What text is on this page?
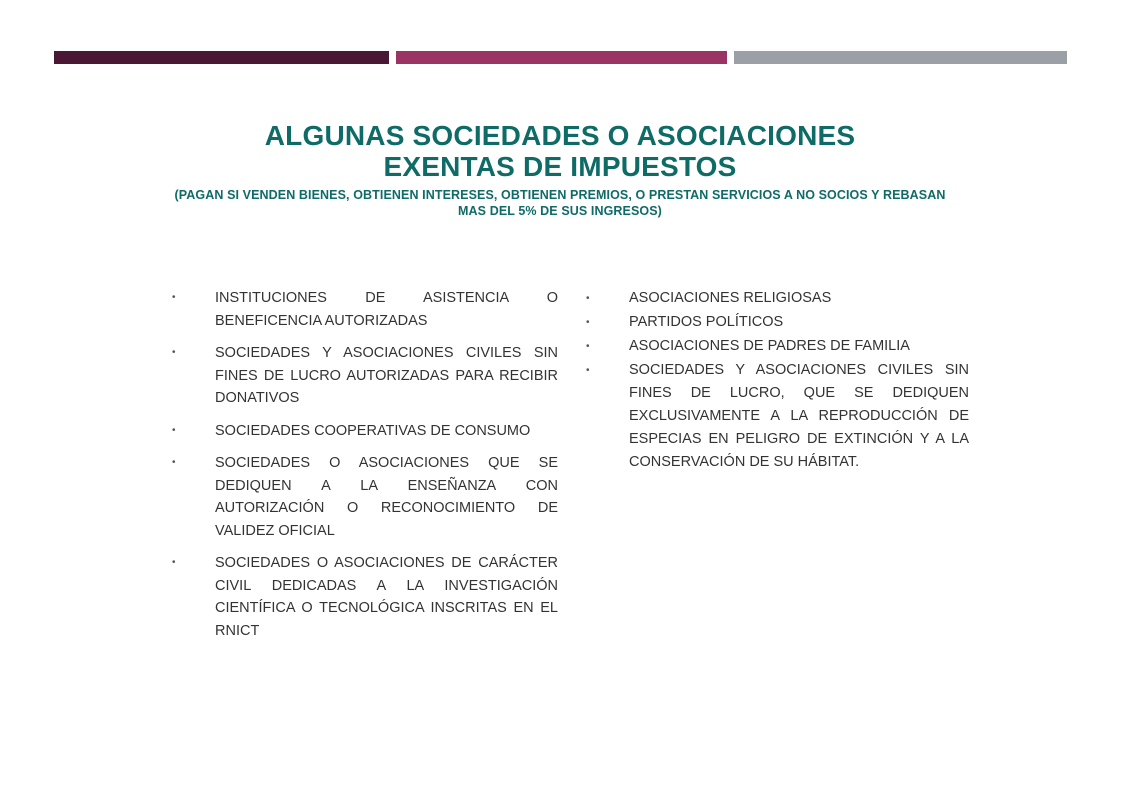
ALGUNAS SOCIEDADES O ASOCIACIONES
EXENTAS DE IMPUESTOS
(PAGAN SI VENDEN BIENES, OBTIENEN INTERESES, OBTIENEN PREMIOS, O PRESTAN SERVICIOS A NO SOCIOS Y REBASAN MAS DEL 5% DE SUS INGRESOS)
•	INSTITUCIONES DE ASISTENCIA O BENEFICENCIA AUTORIZADAS
•	SOCIEDADES Y ASOCIACIONES CIVILES SIN FINES DE LUCRO AUTORIZADAS PARA RECIBIR DONATIVOS
•	SOCIEDADES COOPERATIVAS DE CONSUMO
•	SOCIEDADES O ASOCIACIONES QUE SE DEDIQUEN A LA ENSEÑANZA CON AUTORIZACIÓN O RECONOCIMIENTO DE VALIDEZ OFICIAL
•	SOCIEDADES O ASOCIACIONES DE CARÁCTER CIVIL DEDICADAS A LA INVESTIGACIÓN CIENTÍFICA O TECNOLÓGICA INSCRITAS EN EL RNICT
•	ASOCIACIONES RELIGIOSAS
•	PARTIDOS POLÍTICOS
•	ASOCIACIONES DE PADRES DE FAMILIA
•	SOCIEDADES Y ASOCIACIONES CIVILES SIN FINES DE LUCRO, QUE SE DEDIQUEN EXCLUSIVAMENTE A LA REPRODUCCIÓN DE ESPECIAS EN PELIGRO DE EXTINCIÓN Y A LA CONSERVACIÓN DE SU HÁBITAT.
